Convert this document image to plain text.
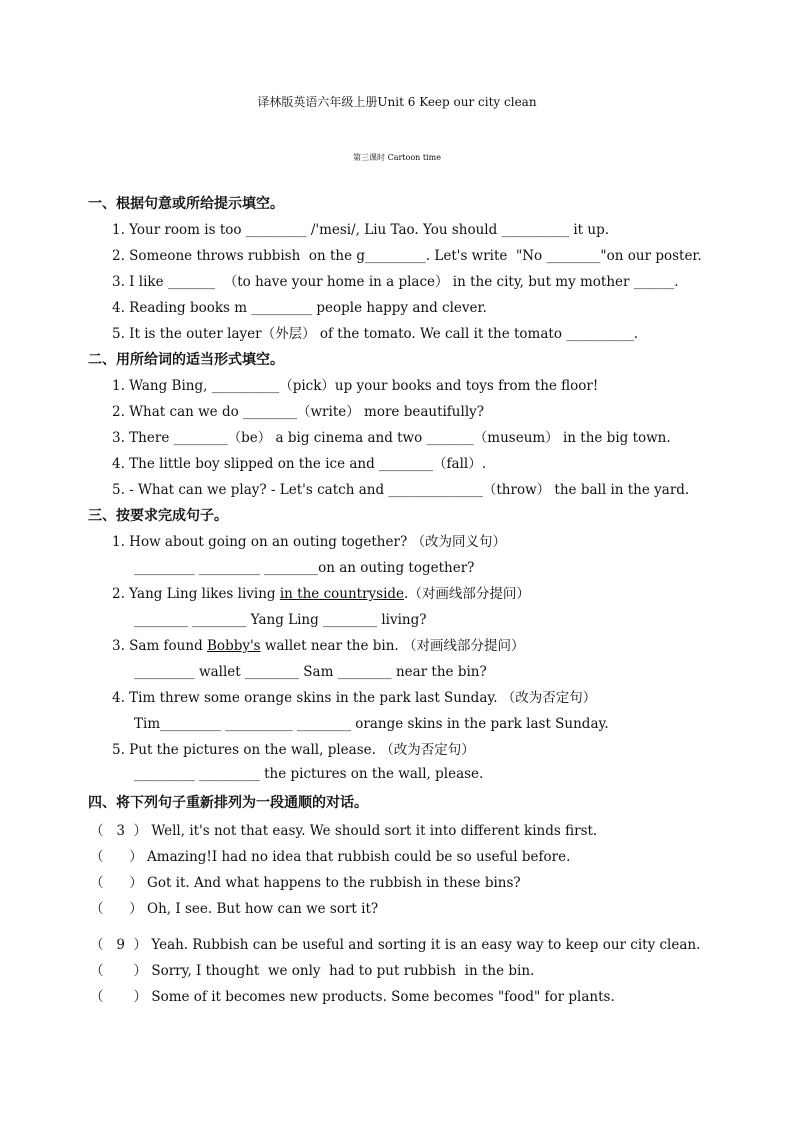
译林版英语六年级上册Unit 6 Keep our city clean
第三课时 Cartoon time
一、根据句意或所给提示填空。
1. Your room is too _________ /'mesi/, Liu Tao. You should __________ it up.
2. Someone throws rubbish  on the g_________. Let's write  "No ________"on our poster.
3. I like _______  （to have your home in a place） in the city, but my mother ______.
4. Reading books m _________ people happy and clever.
5. It is the outer layer（外层） of the tomato. We call it the tomato __________.
二、用所给词的适当形式填空。
1. Wang Bing, __________（pick）up your books and toys from the floor!
2. What can we do ________（write） more beautifully?
3. There ________（be） a big cinema and two _______（museum） in the big town.
4. The little boy slipped on the ice and ________（fall）.
5. - What can we play? - Let's catch and ______________（throw） the ball in the yard.
三、按要求完成句子。
1. How about going on an outing together? （改为同义句）
_________ _________ ________on an outing together?
2. Yang Ling likes living in the countryside.（对画线部分提问）
________ ________ Yang Ling ________ living?
3. Sam found Bobby's wallet near the bin. （对画线部分提问）
_________ wallet ________ Sam ________ near the bin?
4. Tim threw some orange skins in the park last Sunday. （改为否定句）
Tim_________ __________ ________ orange skins in the park last Sunday.
5. Put the pictures on the wall, please. （改为否定句）
_________ _________ the pictures on the wall, please.
四、将下列句子重新排列为一段通顺的对话。
（   3  ） Well, it's not that easy. We should sort it into different kinds first.
（      ） Amazing!I had no idea that rubbish could be so useful before.
（      ） Got it. And what happens to the rubbish in these bins?
（      ） Oh, I see. But how can we sort it?
（   9  ） Yeah. Rubbish can be useful and sorting it is an easy way to keep our city clean.
（       ） Sorry, I thought  we only  had to put rubbish  in the bin.
（       ） Some of it becomes new products. Some becomes "food" for plants.
